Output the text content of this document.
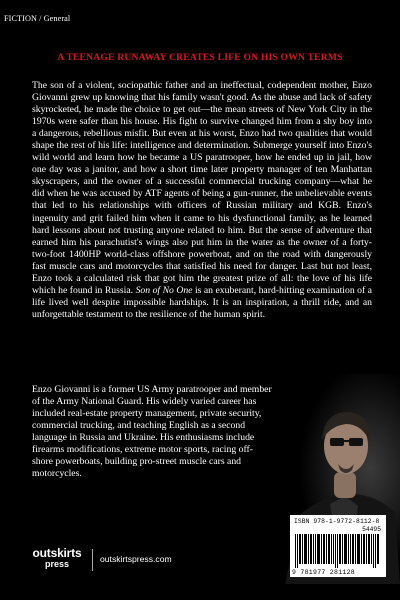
FICTION / General
A TEENAGE RUNAWAY CREATES LIFE ON HIS OWN TERMS
The son of a violent, sociopathic father and an ineffectual, codependent mother, Enzo Giovanni grew up knowing that his family wasn't good. As the abuse and lack of safety skyrocketed, he made the choice to get out—the mean streets of New York City in the 1970s were safer than his house. His fight to survive changed him from a shy boy into a dangerous, rebellious misfit. But even at his worst, Enzo had two qualities that would shape the rest of his life: intelligence and determination. Submerge yourself into Enzo's wild world and learn how he became a US paratrooper, how he ended up in jail, how one day was a janitor, and how a short time later property manager of ten Manhattan skyscrapers, and the owner of a successful commercial trucking company—what he did when he was accused by ATF agents of being a gun-runner, the unbelievable events that led to his relationships with officers of Russian military and KGB. Enzo's ingenuity and grit failed him when it came to his dysfunctional family, as he learned hard lessons about not trusting anyone related to him. But the sense of adventure that earned him his parachutist's wings also put him in the water as the owner of a forty-two-foot 1400HP world-class offshore powerboat, and on the road with dangerously fast muscle cars and motorcycles that satisfied his need for danger. Last but not least, Enzo took a calculated risk that got him the greatest prize of all: the love of his life which he found in Russia. Son of No One is an exuberant, hard-hitting examination of a life lived well despite impossible hardships. It is an inspiration, a thrill ride, and an unforgettable testament to the resilience of the human spirit.
Enzo Giovanni is a former US Army paratrooper and member of the Army National Guard. His widely varied career has included real-estate property management, private security, commercial trucking, and teaching English as a second language in Russia and Ukraine. His enthusiasms include firearms modifications, extreme motor sports, racing off-shore powerboats, building pro-street muscle cars and motorcycles.
ISBN 978-1-9772-8112-8
54495
9 781977 281128
outskirts
press	outskirtspress.com
